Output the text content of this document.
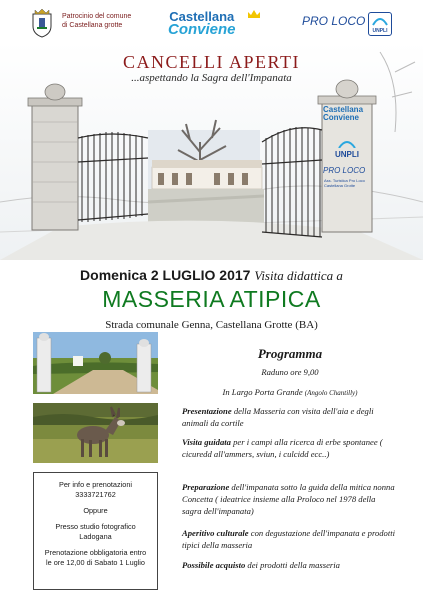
Patrocinio del comune
di Castellana grotte
Castellana
Conviene	PRO LOCO
UNPLI
CANCELLI APERTI
...aspettando la Sagra dell'Impanata
Castellana
Conviene
UNPLI
PRO LOCO
Ass. Turistica Pro Loco Castellana Grotte
Domenica 2 LUGLIO 2017 Visita didattica a
MASSERIA ATIPICA
Strada comunale Genna, Castellana Grotte (BA)
Per info e prenotazioni
3333721762
Oppure
Presso studio fotografico
Ladogana
Prenotazione obbligatoria entro
le ore 12,00 di Sabato 1 Luglio
Programma
Raduno ore 9,00
In Largo Porta Grande (Angolo Chantilly)
Presentazione della Masseria con visita dell'aia e degli animali da cortile
Visita guidata per i campi alla ricerca di erbe spontanee ( cicuredd all'ammers, sviun, i culcidd ecc..)
Preparazione dell'impanata sotto la guida della mitica nonna Concetta ( ideatrice insieme alla Proloco nel 1978 della sagra dell'impanata)
Aperitivo culturale con degustazione dell'impanata e prodotti tipici della masseria
Possibile acquisto dei prodotti della masseria
